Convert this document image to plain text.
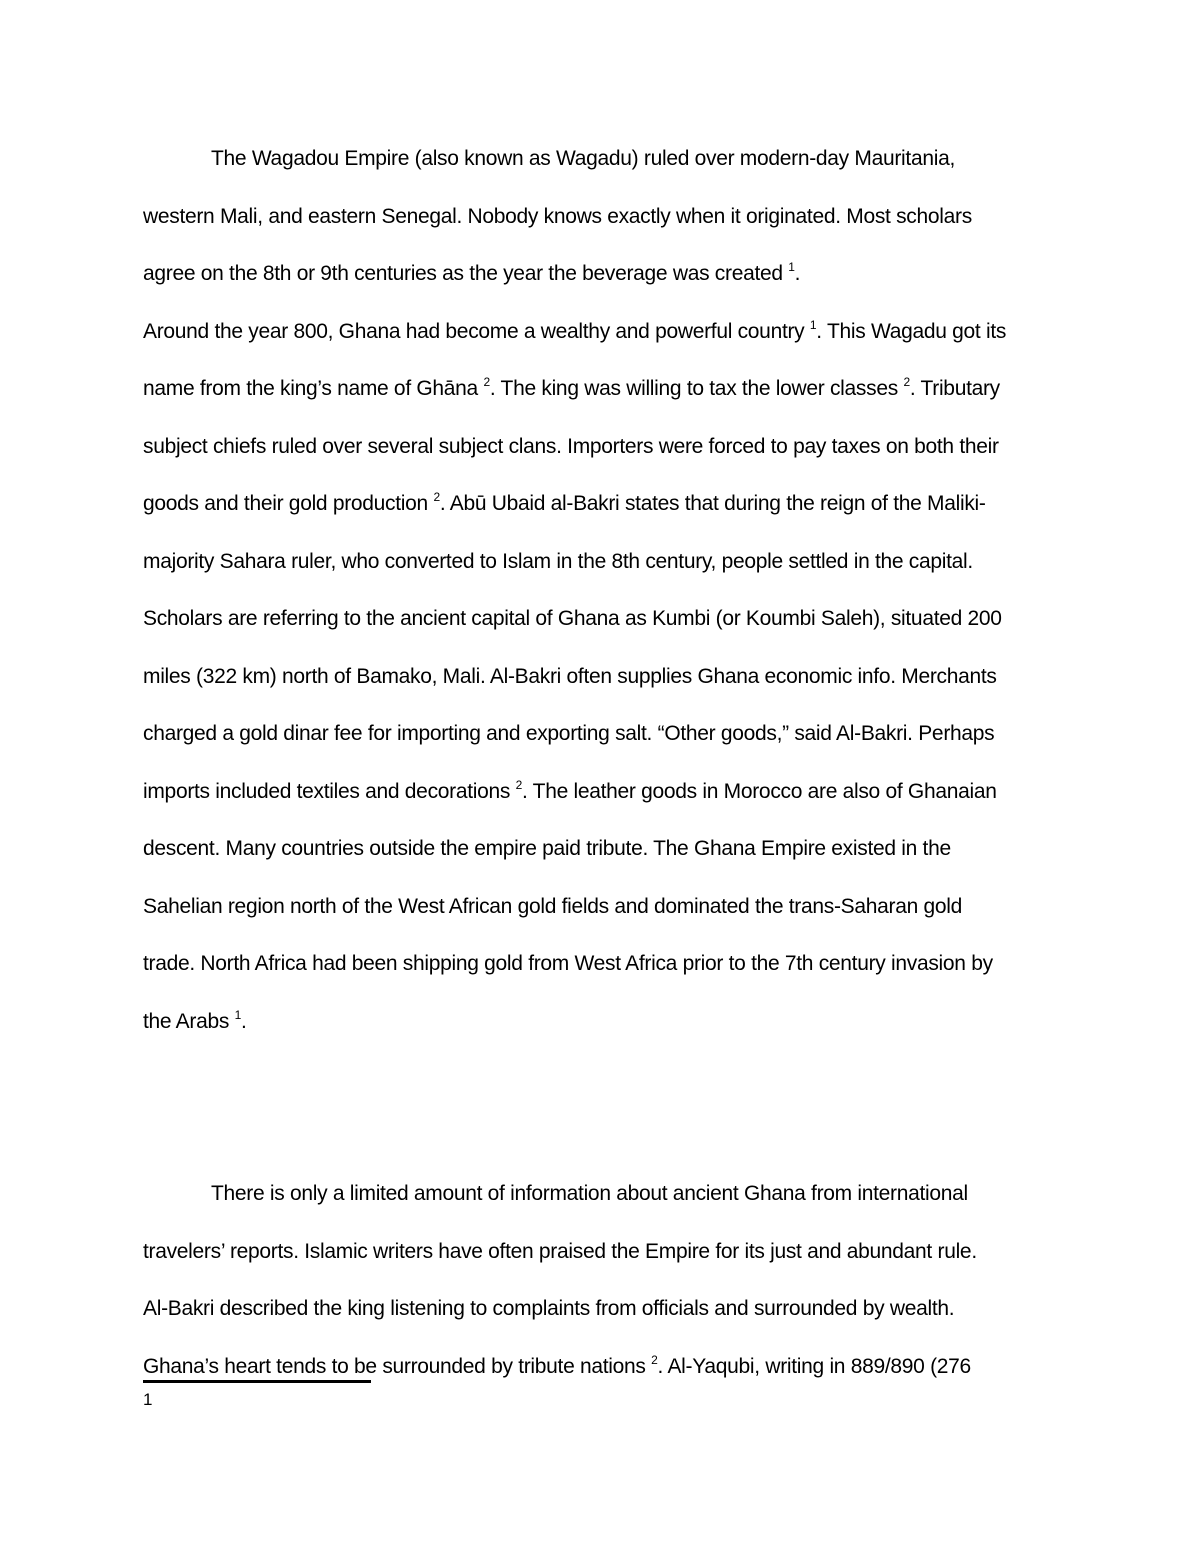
The Wagadou Empire (also known as Wagadu) ruled over modern-day Mauritania,
western Mali, and eastern Senegal. Nobody knows exactly when it originated. Most scholars
agree on the 8th or 9th centuries as the year the beverage was created $^1$.
Around the year 800, Ghana had become a wealthy and powerful country $^1$. This Wagadu got its
name from the king’s name of Ghāna $^2$. The king was willing to tax the lower classes $^2$. Tributary
subject chiefs ruled over several subject clans. Importers were forced to pay taxes on both their
goods and their gold production $^2$. Abū Ubaid al-Bakri states that during the reign of the Maliki-
majority Sahara ruler, who converted to Islam in the 8th century, people settled in the capital.
Scholars are referring to the ancient capital of Ghana as Kumbi (or Koumbi Saleh), situated 200
miles (322 km) north of Bamako, Mali. Al-Bakri often supplies Ghana economic info. Merchants
charged a gold dinar fee for importing and exporting salt. “Other goods,” said Al-Bakri. Perhaps
imports included textiles and decorations $^2$. The leather goods in Morocco are also of Ghanaian
descent. Many countries outside the empire paid tribute. The Ghana Empire existed in the
Sahelian region north of the West African gold fields and dominated the trans-Saharan gold
trade. North Africa had been shipping gold from West Africa prior to the 7th century invasion by
the Arabs $^1$.
There is only a limited amount of information about ancient Ghana from international
travelers’ reports. Islamic writers have often praised the Empire for its just and abundant rule.
Al-Bakri described the king listening to complaints from officials and surrounded by wealth.
Ghana’s heart tends to be surrounded by tribute nations $^2$. Al-Yaqubi, writing in 889/890 (276
1
